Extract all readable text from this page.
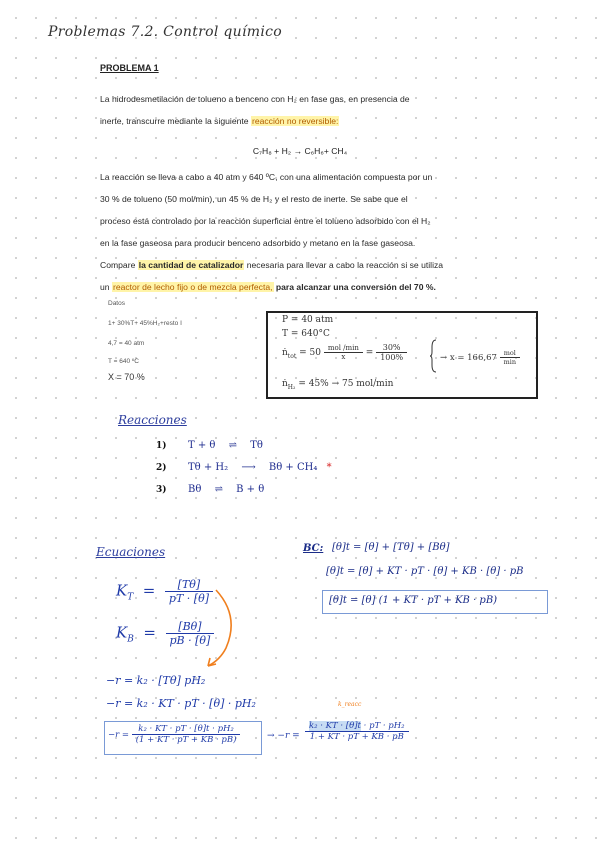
Problemas 7.2. Control químico
PROBLEMA 1
La hidrodesmetilación de tolueno a benceno con H₂ en fase gas, en presencia de
inerte, transcurre mediante la siguiente reacción no reversible:
C₇H₈ + H₂ → C₆H₆+ CH₄
La reacción se lleva a cabo a 40 atm y 640 ºC, con una alimentación compuesta por un
30 % de tolueno (50 mol/min), un 45 % de H₂ y el resto de inerte. Se sabe que el
proceso está controlado por la reacción superficial entre el tolueno adsorbido con el H₂
en la fase gaseosa para producir benceno adsorbido y metano en la fase gaseosa.
Compare la cantidad de catalizador necesaria para llevar a cabo la reacción si se utiliza
un reactor de lecho fijo o de mezcla perfecta, para alcanzar una conversión del 70 %.
Datos
1+ 30%T+ 45%H₂+resto I
4,7 = 40 atm
T = 640 ºC
X = 70 %
P = 40 atm
T = 640°C
ṅ$_{tot}$ = $50 \frac{\text{mol /min}}{x} = \frac{30\%}{100\%}$	→ $x = 166,67 \frac{\text{mol}}{\min}$
ṅ$_{H_2}$ = 45% → 75 mol/min
Reacciones
1) T + θ ⇌ Tθ
2) Tθ + H₂ ⟶ Bθ + CH₄ *
3) Bθ ⇌ B + θ
Ecuaciones
$K_T = \frac{[T\theta]}{pT \cdot [\theta]}$
$K_B = \frac{[B\theta]}{pB \cdot [\theta]}$
−r = k₂ · [Tθ] pH₂
−r = k₂ · KT · pT · [θ] · pH₂
$-r = \frac{\text{k₂ · KT · pT · [θ]t · pH₂}}{(1 + KT \cdot pT + KB \cdot pB)}$	→ −r =
k_reacc
$\frac{\text{k₂ · KT · [θ]t · pT · pH₂}}{1 + KT \cdot pT + KB \cdot pB}$
BC: [θ]t = [θ] + [Tθ] + [Bθ]
[θ]t = [θ] + KT · pT · [θ] + KB · [θ] · pB
[θ]t = [θ] (1 + KT · pT + KB · pB)
